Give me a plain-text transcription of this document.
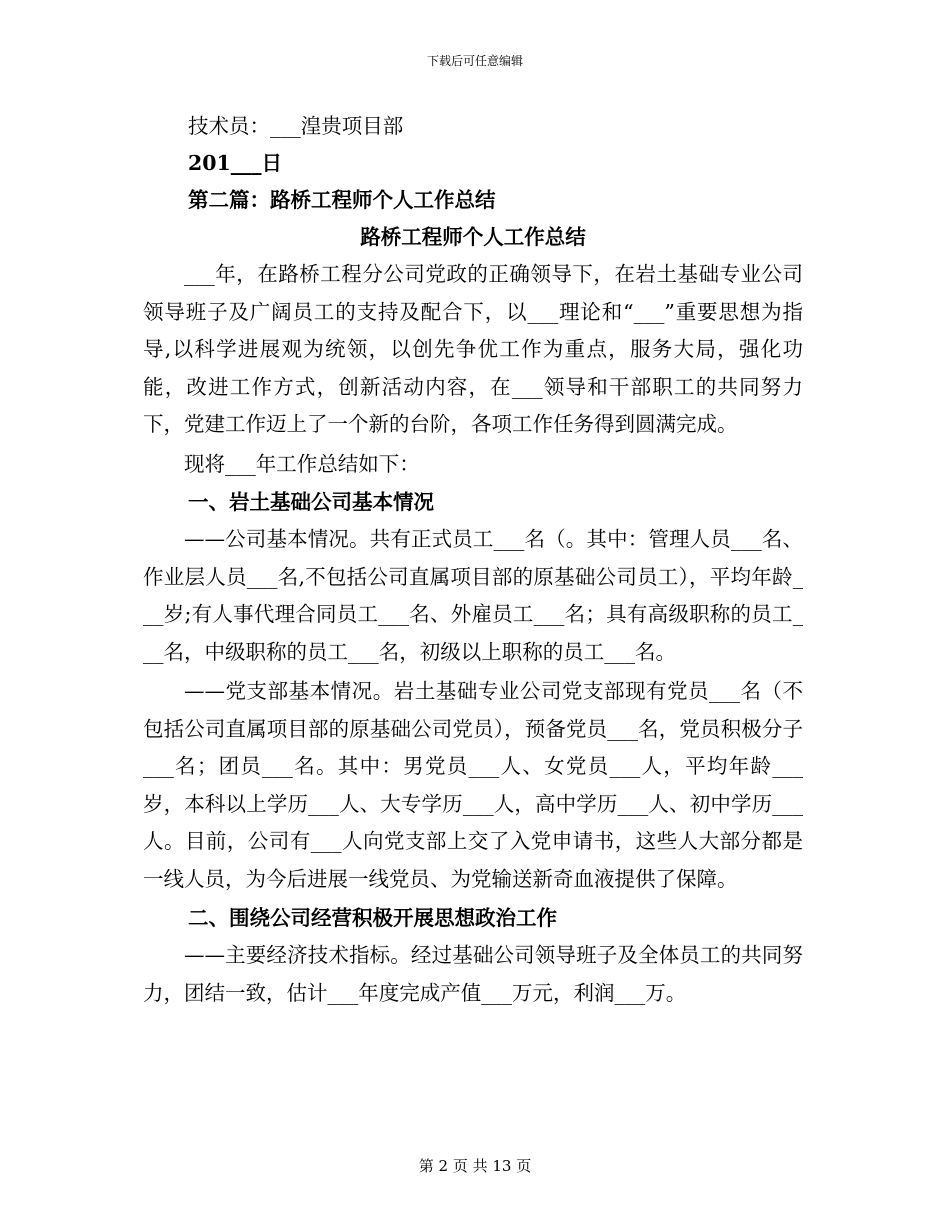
下载后可任意编辑
技术员：___湟贵项目部
201___日
第二篇：路桥工程师个人工作总结
路桥工程师个人工作总结

___年，在路桥工程分公司党政的正确领导下，在岩土基础专业公司领导班子及广阔员工的支持及配合下，以___理论和“___”重要思想为指导,以科学进展观为统领，以创先争优工作为重点，服务大局，强化功能，改进工作方式，创新活动内容，在___领导和干部职工的共同努力下，党建工作迈上了一个新的台阶，各项工作任务得到圆满完成。

现将___年工作总结如下：

一、岩土基础公司基本情况

——公司基本情况。共有正式员工___名（。其中：管理人员___名、作业层人员___名,不包括公司直属项目部的原基础公司员工），平均年龄___岁;有人事代理合同员工___名、外雇员工___名；具有高级职称的员工___名，中级职称的员工___名，初级以上职称的员工___名。

——党支部基本情况。岩土基础专业公司党支部现有党员___名（不包括公司直属项目部的原基础公司党员），预备党员___名，党员积极分子___名；团员___名。其中：男党员___人、女党员___人，平均年龄___岁，本科以上学历___人、大专学历___人，高中学历___人、初中学历___人。目前，公司有___人向党支部上交了入党申请书，这些人大部分都是一线人员，为今后进展一线党员、为党输送新奇血液提供了保障。

二、围绕公司经营积极开展思想政治工作

——主要经济技术指标。经过基础公司领导班子及全体员工的共同努力，团结一致，估计___年度完成产值___万元，利润___万。

第 2 页 共 13 页
